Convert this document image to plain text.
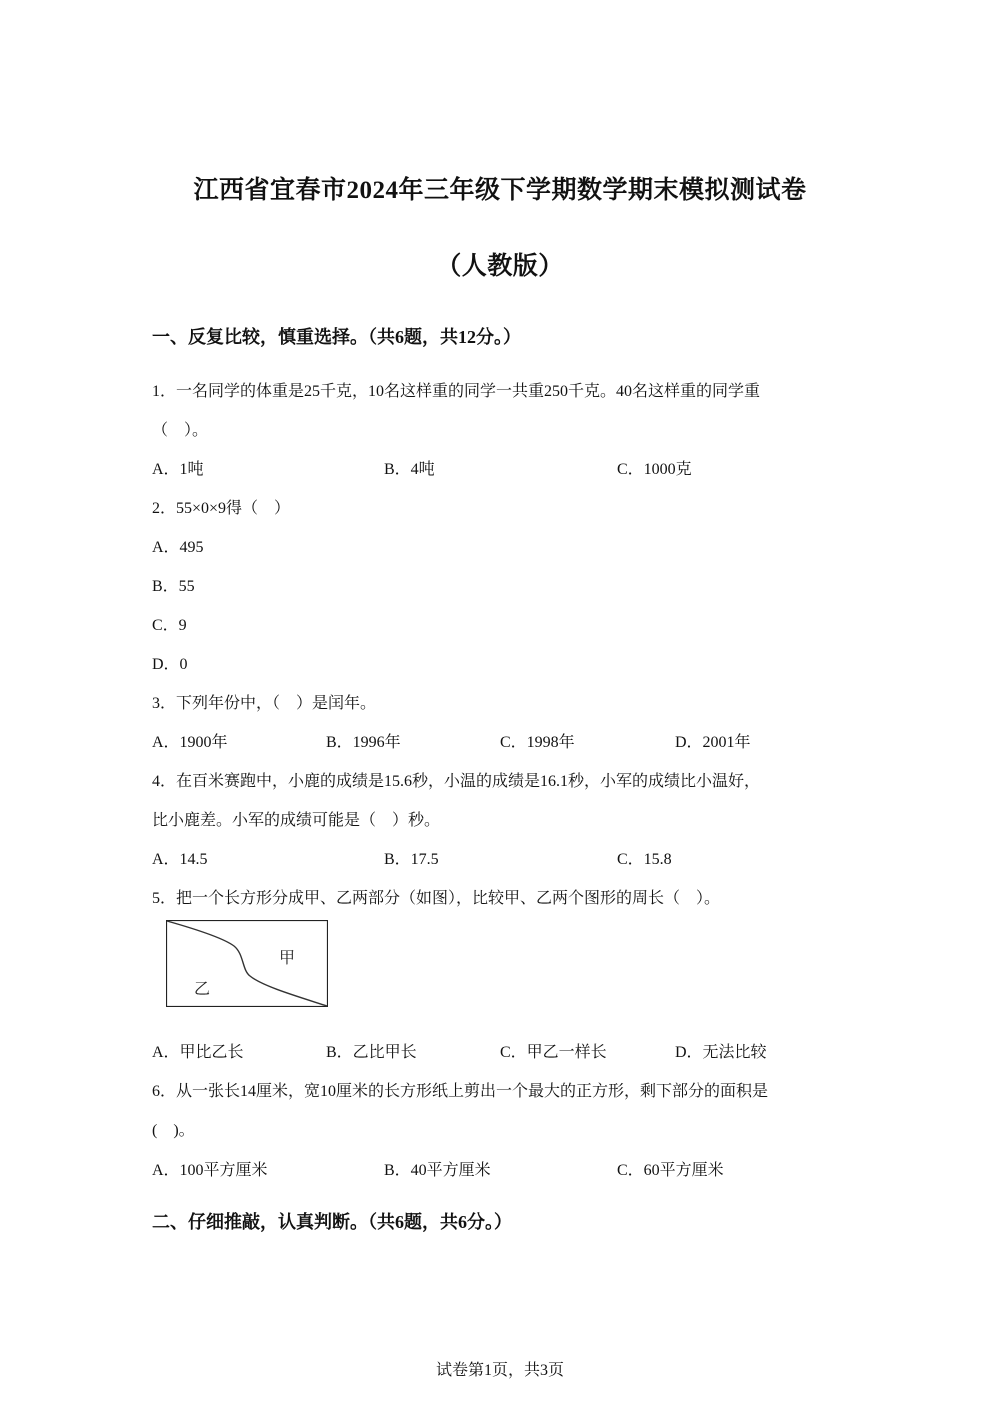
江西省宜春市2024年三年级下学期数学期末模拟测试卷
（人教版）
一、反复比较，慎重选择。（共6题，共12分。）
1．一名同学的体重是25千克，10名这样重的同学一共重250千克。40名这样重的同学重
（　）。
A．1吨	B．4吨	C．1000克
2．55×0×9得（　）
A．495
B．55
C．9
D．0
3．下列年份中，（　）是闰年。
A．1900年	B．1996年	C．1998年	D．2001年
4．在百米赛跑中，小鹿的成绩是15.6秒，小温的成绩是16.1秒，小军的成绩比小温好，
比小鹿差。小军的成绩可能是（　）秒。
A．14.5	B．17.5	C．15.8
5．把一个长方形分成甲、乙两部分（如图），比较甲、乙两个图形的周长（　）。
甲
乙
A．甲比乙长	B．乙比甲长	C．甲乙一样长	D．无法比较
6．从一张长14厘米，宽10厘米的长方形纸上剪出一个最大的正方形，剩下部分的面积是
(　)。
A．100平方厘米	B．40平方厘米	C．60平方厘米
二、仔细推敲，认真判断。（共6题，共6分。）
试卷第1页，共3页
